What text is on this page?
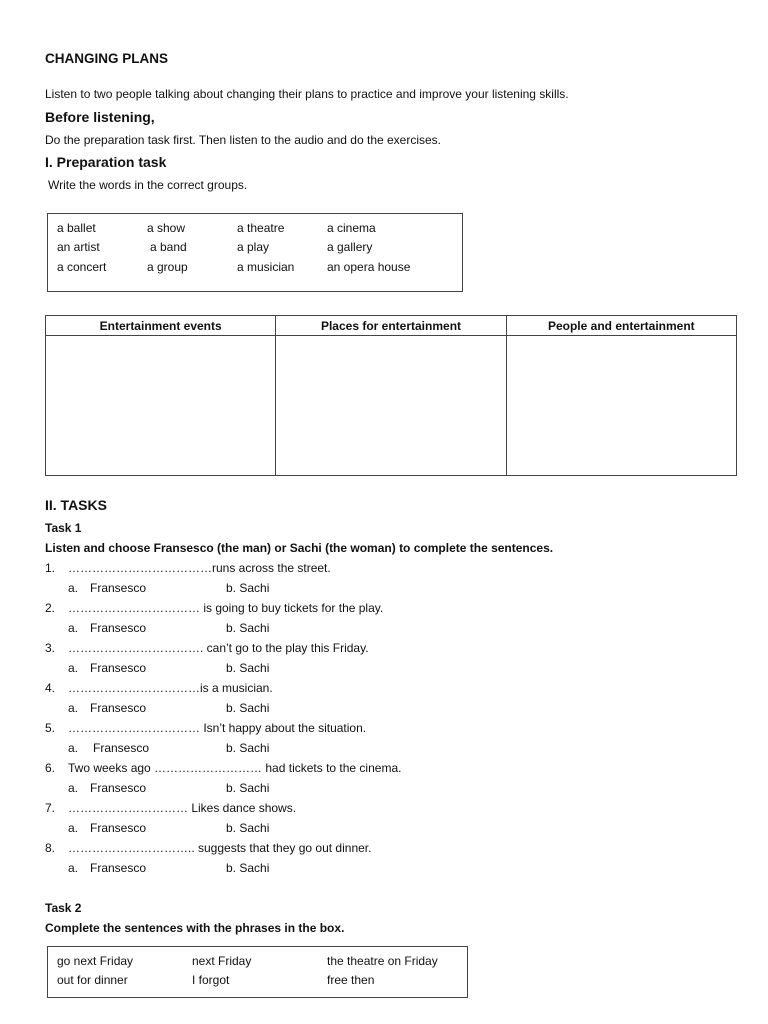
CHANGING PLANS
Listen to two people talking about changing their plans to practice and improve your listening skills.
Before listening,
Do the preparation task first. Then listen to the audio and do the exercises.
I. Preparation task
Write the words in the correct groups.
a ballet	a show	a theatre	a cinema
an artist	a band	a play	a gallery
a concert	a group	a musician	an opera house
Entertainment events	Places for entertainment	People and entertainment

II. TASKS
Task 1
Listen and choose Fransesco (the man) or Sachi (the woman) to complete the sentences.
1. ………………………………runs across the street.
a. Fransesco	b. Sachi
2. …………………………… is going to buy tickets for the play.
a. Fransesco	b. Sachi
3. ……………………………. can’t go to the play this Friday.
a. Fransesco	b. Sachi
4. ……………………………is a musician.
a. Fransesco	b. Sachi
5. …………………………… Isn’t happy about the situation.
a. Fransesco	b. Sachi
6. Two weeks ago ……………………… had tickets to the cinema.
a. Fransesco	b. Sachi
7. ………………………… Likes dance shows.
a. Fransesco	b. Sachi
8. ………………………….. suggests that they go out dinner.
a. Fransesco	b. Sachi
Task 2
Complete the sentences with the phrases in the box.
go next Friday	next Friday	the theatre on Friday
out for dinner	I forgot	free then
